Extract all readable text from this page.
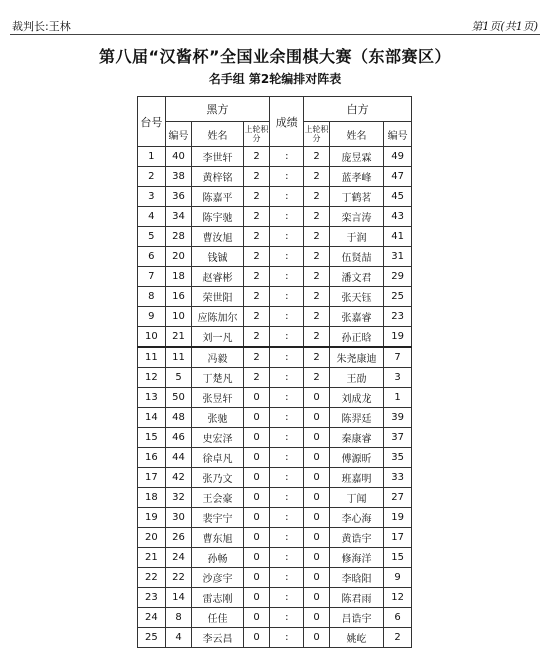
裁判长:王林	第1页(共1页)
第八届“汉酱杯”全国业余围棋大赛（东部赛区）
名手组 第2轮编排对阵表
台号	黑方			成绩	白方		
	编号	姓名	上轮积分		上轮积分	姓名	编号
1	40	李世轩	2	:	2	庞昱霖	49
2	38	黄梓铭	2	:	2	蓝孝峰	47
3	36	陈嘉平	2	:	2	丁鹤茗	45
4	34	陈宇驰	2	:	2	栾言涛	43
5	28	曹汝旭	2	:	2	于润	41
6	20	钱铖	2	:	2	伍贤喆	31
7	18	赵睿彬	2	:	2	潘文君	29
8	16	荣世阳	2	:	2	张天钰	25
9	10	应陈加尔	2	:	2	张嘉睿	23
10	21	刘一凡	2	:	2	孙正晗	19
11	11	冯毅	2	:	2	朱尧康迪	7
12	5	丁楚凡	2	:	2	王劭	3
13	50	张昱轩	0	:	0	刘成龙	1
14	48	张驰	0	:	0	陈羿廷	39
15	46	史宏泽	0	:	0	秦康睿	37
16	44	徐卓凡	0	:	0	傅源昕	35
17	42	张乃文	0	:	0	班嘉明	33
18	32	王会豪	0	:	0	丁闻	27
19	30	裴宇宁	0	:	0	李心海	19
20	26	曹东旭	0	:	0	黄诰宇	17
21	24	孙畅	0	:	0	修海洋	15
22	22	沙彦宇	0	:	0	李晗阳	9
23	14	雷志刚	0	:	0	陈君雨	12
24	8	任佳	0	:	0	吕诰宇	6
25	4	李云昌	0	:	0	姚屹	2
